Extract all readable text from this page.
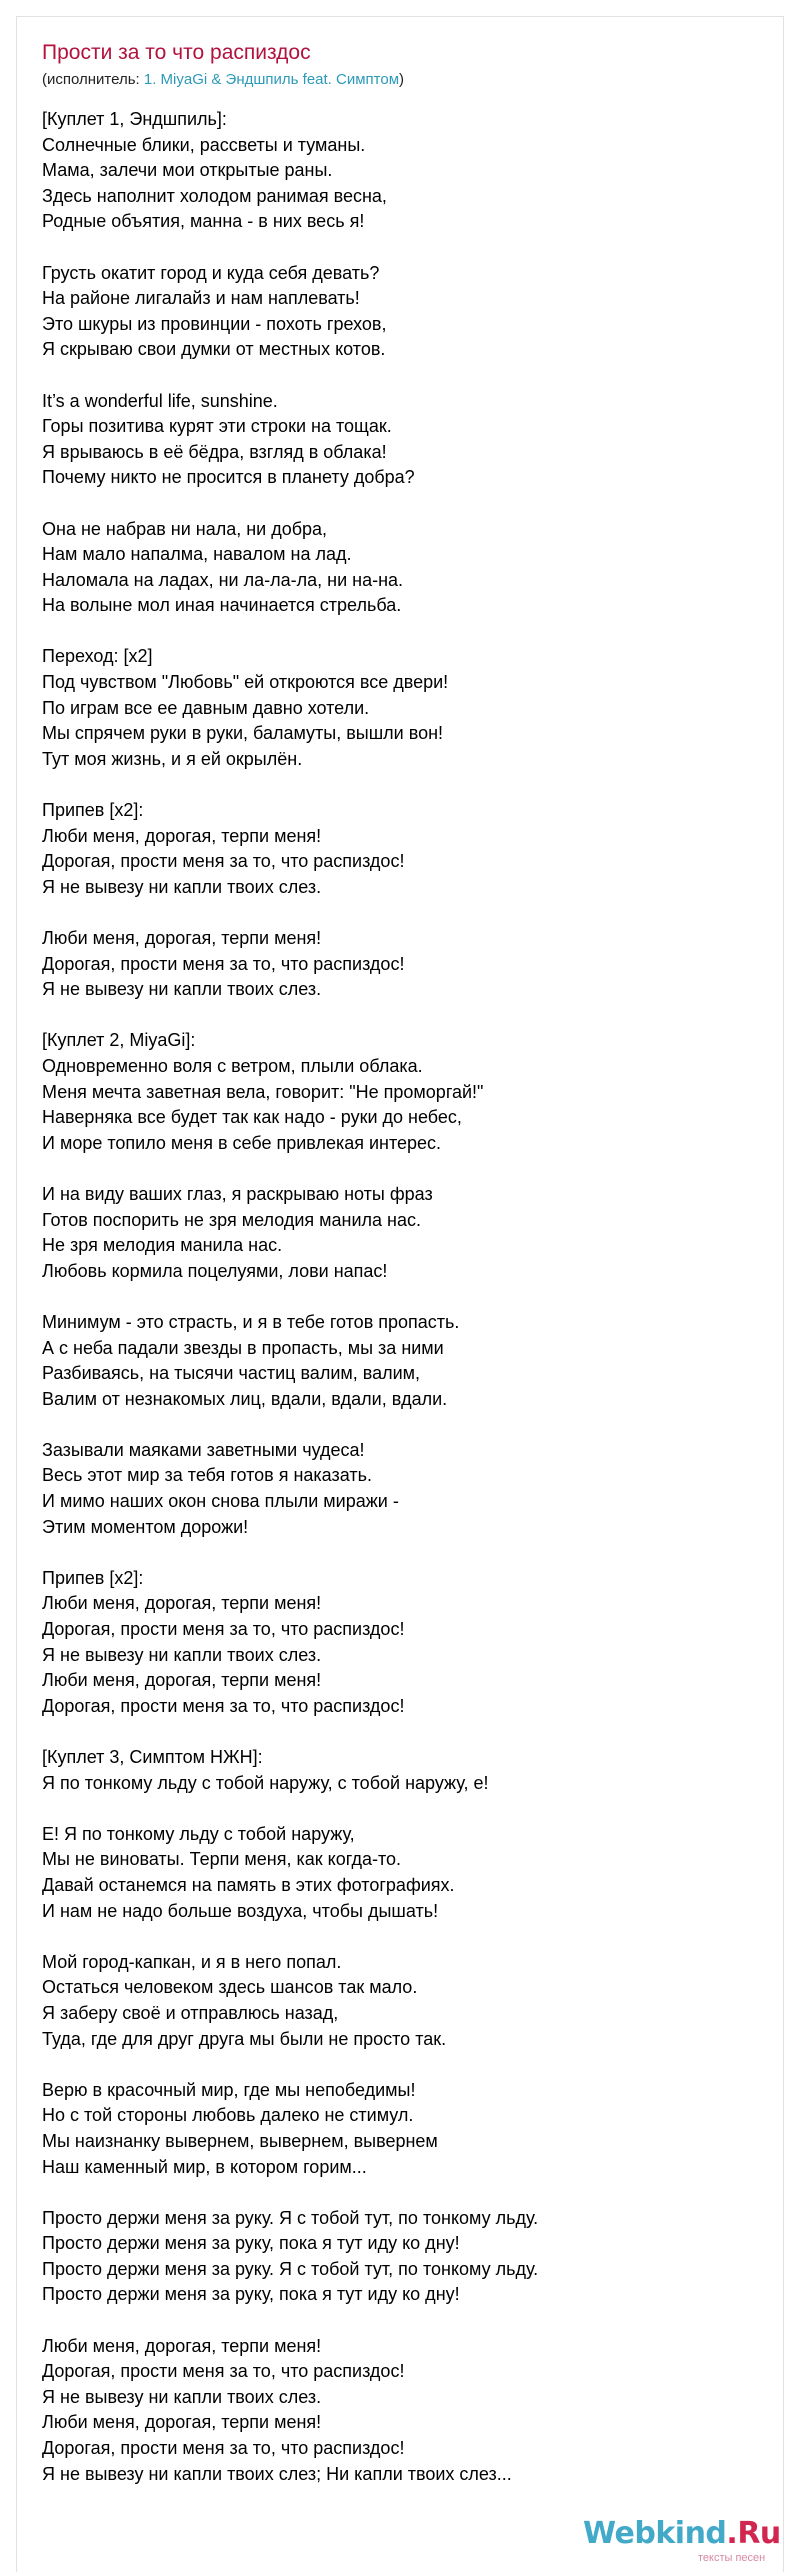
Прости за то что распиздос
(исполнитель: 1. MiyaGi & Эндшпиль feat. Симптом)
[Куплет 1, Эндшпиль]:
Солнечные блики, рассветы и туманы.
Мама, залечи мои открытые раны.
Здесь наполнит холодом ранимая весна,
Родные объятия, манна - в них весь я!
Грусть окатит город и куда себя девать?
На районе лигалайз и нам наплевать!
Это шкуры из провинции - похоть грехов,
Я скрываю свои думки от местных котов.
It’s a wonderful life, sunshine.
Горы позитива курят эти строки на тощак.
Я врываюсь в её бёдра, взгляд в облака!
Почему никто не просится в планету добра?
Она не набрав ни нала, ни добра,
Нам мало напалма, навалом на лад.
Наломала на ладах, ни ла-ла-ла, ни на-на.
На волыне мол иная начинается стрельба.
Переход: [x2]
Под чувством "Любовь" ей откроются все двери!
По играм все ее давным давно хотели.
Мы спрячем руки в руки, баламуты, вышли вон!
Тут моя жизнь, и я ей окрылён.
Припев [x2]:
Люби меня, дорогая, терпи меня!
Дорогая, прости меня за то, что распиздос!
Я не вывезу ни капли твоих слез.
Люби меня, дорогая, терпи меня!
Дорогая, прости меня за то, что распиздос!
Я не вывезу ни капли твоих слез.
[Куплет 2, MiyaGi]:
Одновременно воля с ветром, плыли облака.
Меня мечта заветная вела, говорит: "Не проморгай!"
Наверняка все будет так как надо - руки до небес,
И море топило меня в себе привлекая интерес.
И на виду ваших глаз, я раскрываю ноты фраз
Готов поспорить не зря мелодия манила нас.
Не зря мелодия манила нас.
Любовь кормила поцелуями, лови напас!
Минимум - это страсть, и я в тебе готов пропасть.
А с неба падали звезды в пропасть, мы за ними
Разбиваясь, на тысячи частиц валим, валим,
Валим от незнакомых лиц, вдали, вдали, вдали.
Зазывали маяками заветными чудеса!
Весь этот мир за тебя готов я наказать.
И мимо наших окон снова плыли миражи -
Этим моментом дорожи!
Припев [x2]:
Люби меня, дорогая, терпи меня!
Дорогая, прости меня за то, что распиздос!
Я не вывезу ни капли твоих слез.
Люби меня, дорогая, терпи меня!
Дорогая, прости меня за то, что распиздос!
[Куплет 3, Симптом НЖН]:
Я по тонкому льду с тобой наружу, с тобой наружу, е!
Е! Я по тонкому льду с тобой наружу,
Мы не виноваты. Терпи меня, как когда-то.
Давай останемся на память в этих фотографиях.
И нам не надо больше воздуха, чтобы дышать!
Мой город-капкан, и я в него попал.
Остаться человеком здесь шансов так мало.
Я заберу своё и отправлюсь назад,
Туда, где для друг друга мы были не просто так.
Верю в красочный мир, где мы непобедимы!
Но с той стороны любовь далеко не стимул.
Мы наизнанку вывернем, вывернем, вывернем
Наш каменный мир, в котором горим...
Просто держи меня за руку. Я с тобой тут, по тонкому льду.
Просто держи меня за руку, пока я тут иду ко дну!
Просто держи меня за руку. Я с тобой тут, по тонкому льду.
Просто держи меня за руку, пока я тут иду ко дну!
Люби меня, дорогая, терпи меня!
Дорогая, прости меня за то, что распиздос!
Я не вывезу ни капли твоих слез.
Люби меня, дорогая, терпи меня!
Дорогая, прости меня за то, что распиздос!
Я не вывезу ни капли твоих слез; Ни капли твоих слез...
Webkind.Ru
тексты песен
